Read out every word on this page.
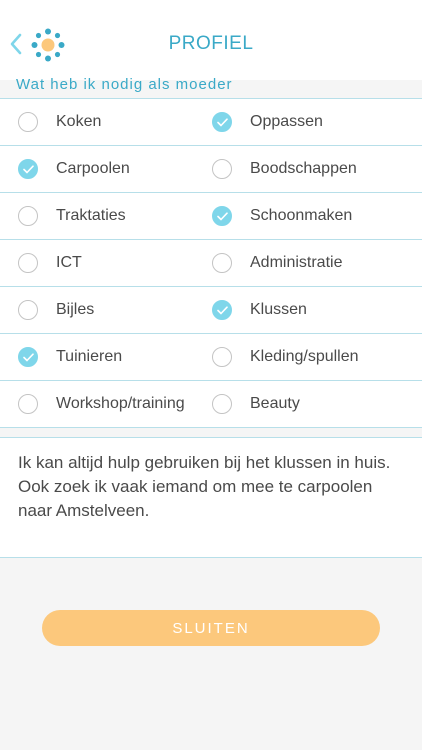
PROFIEL
Wat heb ik nodig als moeder
Koken	Oppassen
Carpoolen	Boodschappen
Traktaties	Schoonmaken
ICT	Administratie
Bijles	Klussen
Tuinieren	Kleding/spullen
Workshop/training	Beauty
Ik kan altijd hulp gebruiken bij het klussen in huis. Ook zoek ik vaak iemand om mee te carpoolen naar Amstelveen.
SLUITEN
